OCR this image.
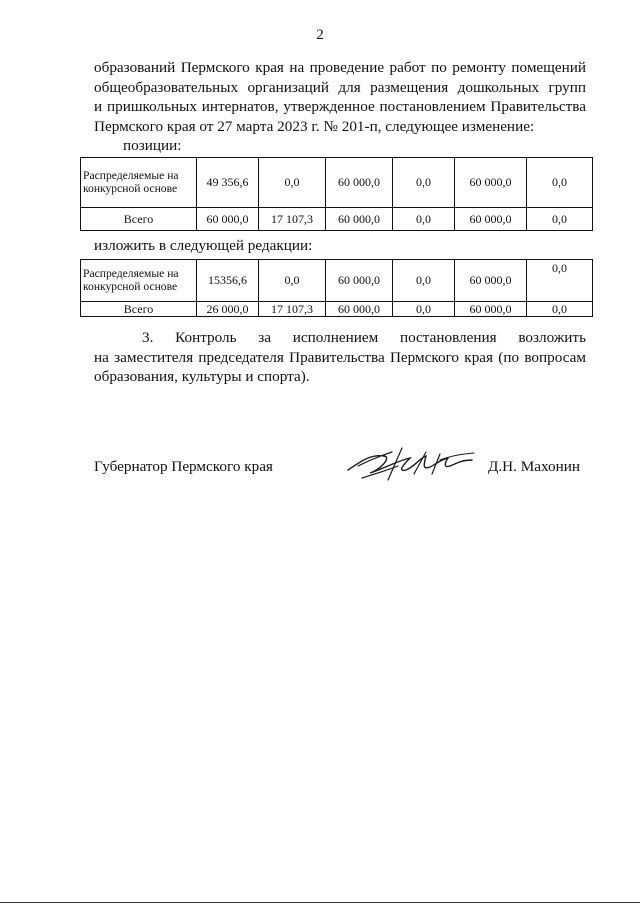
2
образований Пермского края на проведение работ по ремонту помещений
общеобразовательных организаций для размещения дошкольных групп
и пришкольных интернатов, утвержденное постановлением Правительства
Пермского края от 27 марта 2023 г. № 201-п, следующее изменение:
позиции:
Распределяемые на конкурсной основе	49 356,6	0,0	60 000,0	0,0	60 000,0	0,0
Всего	60 000,0	17 107,3	60 000,0	0,0	60 000,0	0,0
изложить в следующей редакции:
Распределяемые на конкурсной основе	15356,6	0,0	60 000,0	0,0	60 000,0	0,0
Всего	26 000,0	17 107,3	60 000,0	0,0	60 000,0	0,0
3. Контроль за исполнением постановления возложить
на заместителя председателя Правительства Пермского края (по вопросам
образования, культуры и спорта).
Губернатор Пермского края	Д.Н. Махонин
